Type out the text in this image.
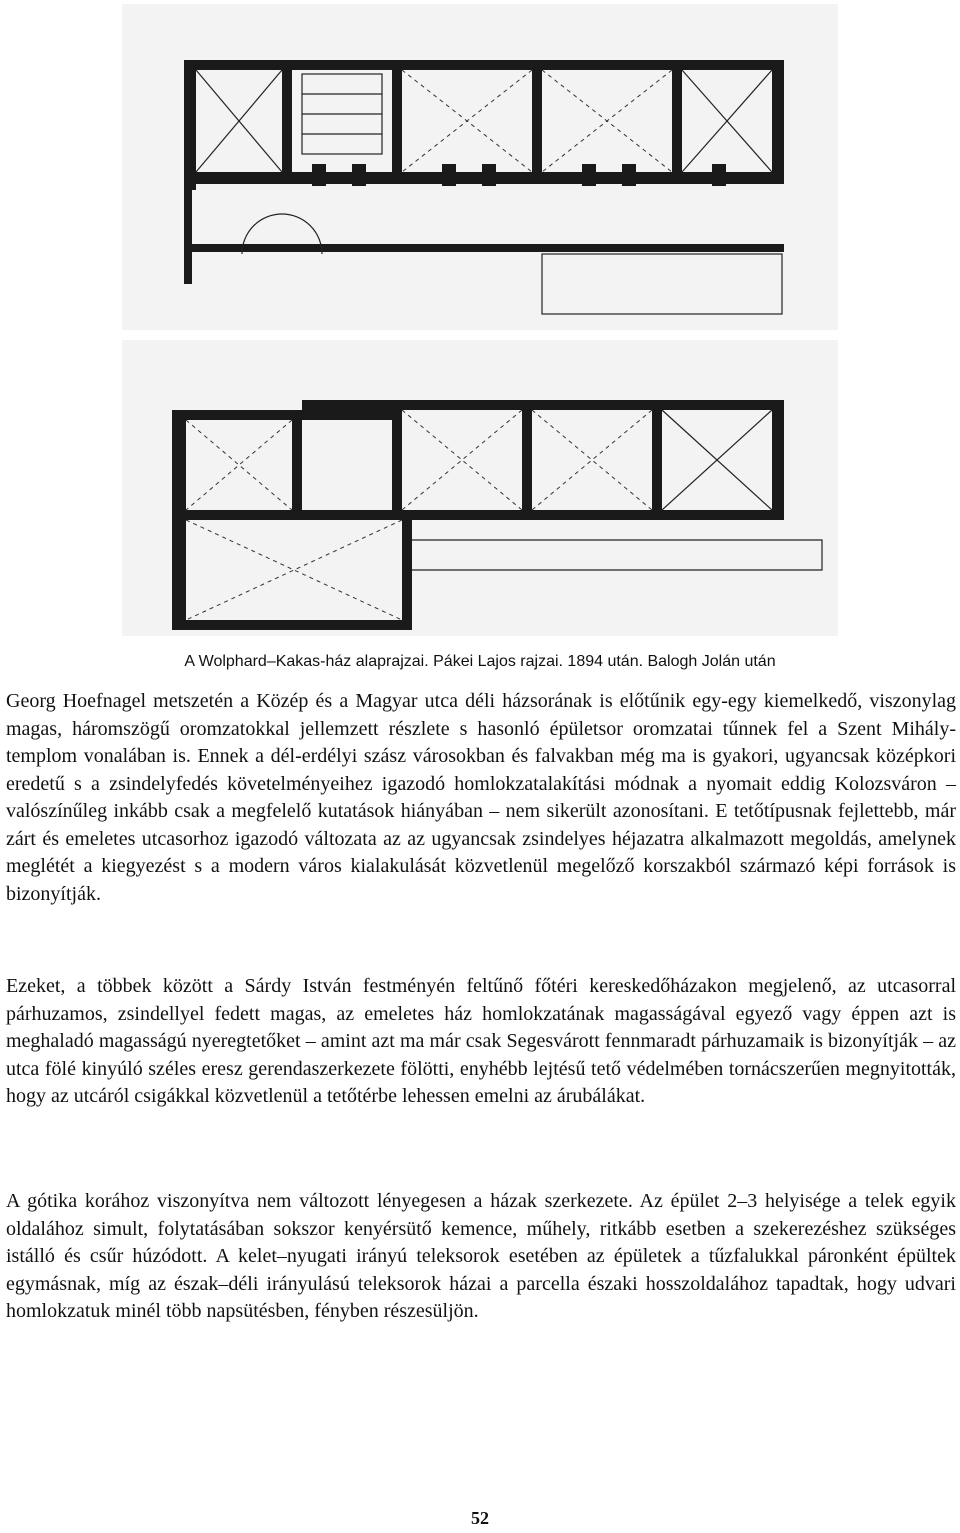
A Wolphard–Kakas-ház alaprajzai. Pákei Lajos rajzai. 1894 után. Balogh Jolán után

Georg Hoefnagel metszetén a Közép és a Magyar utca déli házsorának is előtűnik egy-egy kiemelkedő, viszonylag magas, háromszögű oromzatokkal jellemzett részlete s hasonló épületsor oromzatai tűnnek fel a Szent Mihály-templom vonalában is. Ennek a dél-erdélyi szász városokban és falvakban még ma is gyakori, ugyancsak középkori eredetű s a zsindelyfedés követelményeihez igazodó homlokzatalakítási módnak a nyomait eddig Kolozsváron – valószínűleg inkább csak a megfelelő kutatások hiányában – nem sikerült azonosítani. E tetőtípusnak fejlettebb, már zárt és emeletes utcasorhoz igazodó változata az az ugyancsak zsindelyes héjazatra alkalmazott megoldás, amelynek meglétét a kiegyezést s a modern város kialakulását közvetlenül megelőző korszakból származó képi források is bizonyítják.

Ezeket, a többek között a Sárdy István festményén feltűnő főtéri kereskedőházakon megjelenő, az utcasorral párhuzamos, zsindellyel fedett magas, az emeletes ház homlokzatának magasságával egyező vagy éppen azt is meghaladó magasságú nyeregtetőket – amint azt ma már csak Segesvárott fennmaradt párhuzamaik is bizonyítják – az utca fölé kinyúló széles eresz gerendaszerkezete fölötti, enyhébb lejtésű tető védelmében tornácszerűen megnyitották, hogy az utcáról csigákkal közvetlenül a tetőtérbe lehessen emelni az árubálákat.

A gótika korához viszonyítva nem változott lényegesen a házak szerkezete. Az épület 2–3 helyisége a telek egyik oldalához simult, folytatásában sokszor kenyérsütő kemence, műhely, ritkább esetben a szekerezéshez szükséges istálló és csűr húzódott. A kelet–nyugati irányú teleksorok esetében az épületek a tűzfalukkal páronként épültek egymásnak, míg az észak–déli irányulású teleksorok házai a parcella északi hosszoldalához tapadtak, hogy udvari homlokzatuk minél több napsütésben, fényben részesüljön.

52
